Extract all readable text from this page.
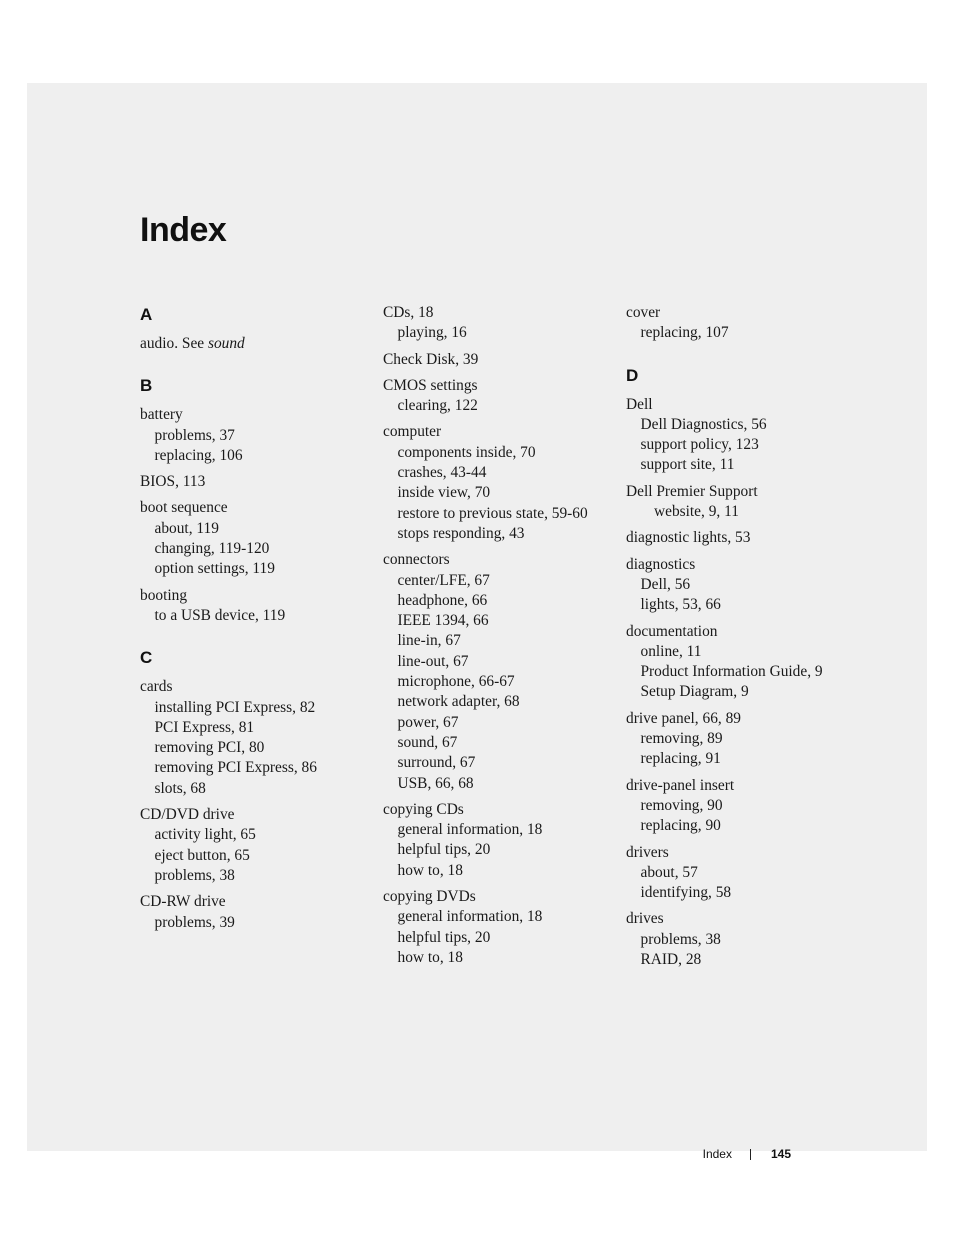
Index
A
audio. See sound
B
battery
problems, 37
replacing, 106
BIOS, 113
boot sequence
about, 119
changing, 119-120
option settings, 119
booting
to a USB device, 119
C
cards
installing PCI Express, 82
PCI Express, 81
removing PCI, 80
removing PCI Express, 86
slots, 68
CD/DVD drive
activity light, 65
eject button, 65
problems, 38
CD-RW drive
problems, 39
CDs, 18
playing, 16
Check Disk, 39
CMOS settings
clearing, 122
computer
components inside, 70
crashes, 43-44
inside view, 70
restore to previous state, 59-60
stops responding, 43
connectors
center/LFE, 67
headphone, 66
IEEE 1394, 66
line-in, 67
line-out, 67
microphone, 66-67
network adapter, 68
power, 67
sound, 67
surround, 67
USB, 66, 68
copying CDs
general information, 18
helpful tips, 20
how to, 18
copying DVDs
general information, 18
helpful tips, 20
how to, 18
cover
replacing, 107
D
Dell
Dell Diagnostics, 56
support policy, 123
support site, 11
Dell Premier Support
website, 9, 11
diagnostic lights, 53
diagnostics
Dell, 56
lights, 53, 66
documentation
online, 11
Product Information Guide, 9
Setup Diagram, 9
drive panel, 66, 89
removing, 89
replacing, 91
drive-panel insert
removing, 90
replacing, 90
drivers
about, 57
identifying, 58
drives
problems, 38
RAID, 28
Index	145
